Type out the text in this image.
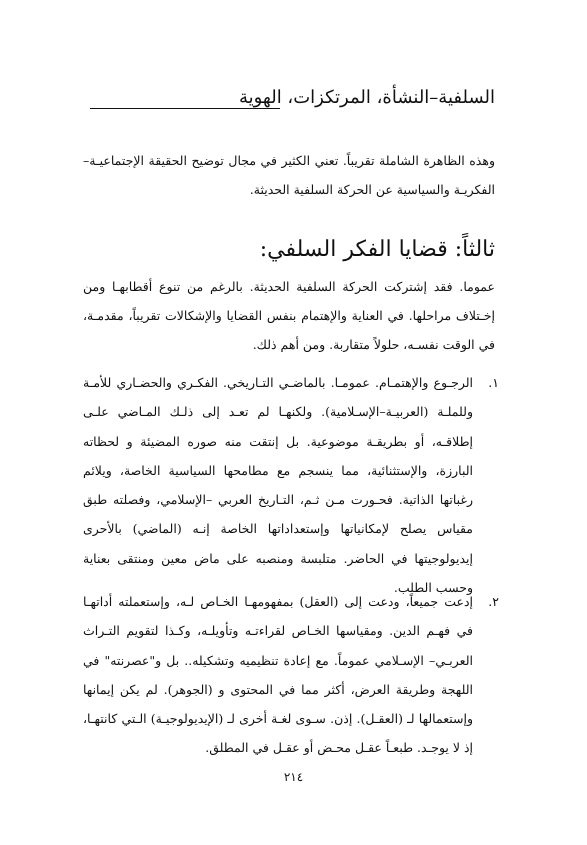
السلفية–النشأة، المرتكزات، الهوية

وهذه الظاهرة الشاملة تقريباً. تعني الكثير في مجال توضيح الحقيقة الإجتماعيـة– الفكريـة والسياسية عن الحركة السلفية الحديثة.

ثالثاً: قضايا الفكر السلفي:

عموما. فقد إشتركت الحركة السلفية الحديثة. بالرغم من تنوع أقطابهـا ومن إخـتلاف مراحلها. في العناية والإهتمام بنفس القضايا والإشكالات تقريباً، مقدمـة، في الوقت نفسـه، حلولاً متقاربة. ومن أهم ذلك.

١.
الرجـوع والإهتمـام. عمومـا. بالماضـي التـاريخي. الفكـري والحضـاري للأمـة وللملـة (العربيـة–الإسـلامية). ولكنهـا لم تعـد إلى ذلـك المـاضي علـى إطلاقـه، أو بطريقـة موضوعية. بل إنتقت منه صوره المضيئة و لحظاته البارزة، والإستثنائية، مما ينسجم مع مطامحها السياسية الخاصة، ويلائم رغباتها الذاتية. فحـورت مـن ثـم، التـاريخ العربي –الإسلامي، وفصلته طبق مقياس يصلح لإمكانياتها وإستعداداتها الخاصة إنـه (الماضي) بالأحرى إيديولوجيتها في الحاضر. متلبسة ومنصبه على ماض معين ومنتقى بعناية وحسب الطلب.
٢.
إدعت جميعاً، ودعت إلى (العقل) بمفهومهـا الخـاص لـه، وإستعملته أداتهـا في فهـم الدين. ومقياسها الخـاص لقراءتـه وتأويلـه، وكـذا لتقويم التـراث العربـي– الإسـلامي عموماً. مع إعادة تنظيميه وتشكيله.. بل و"عصرنته" في اللهجة وطريقة العرض، أكثر مما في المحتوى و (الجوهر). لم يكن إيمانها وإستعمالها لـ (العقـل). إذن. سـوى لغـة أخرى لـ (الإيديولوجيـة) الـتي كانتهـا، إذ لا يوجـد. طبعـاً عقـل محـض أو عقـل في المطلق.
٢١٤
